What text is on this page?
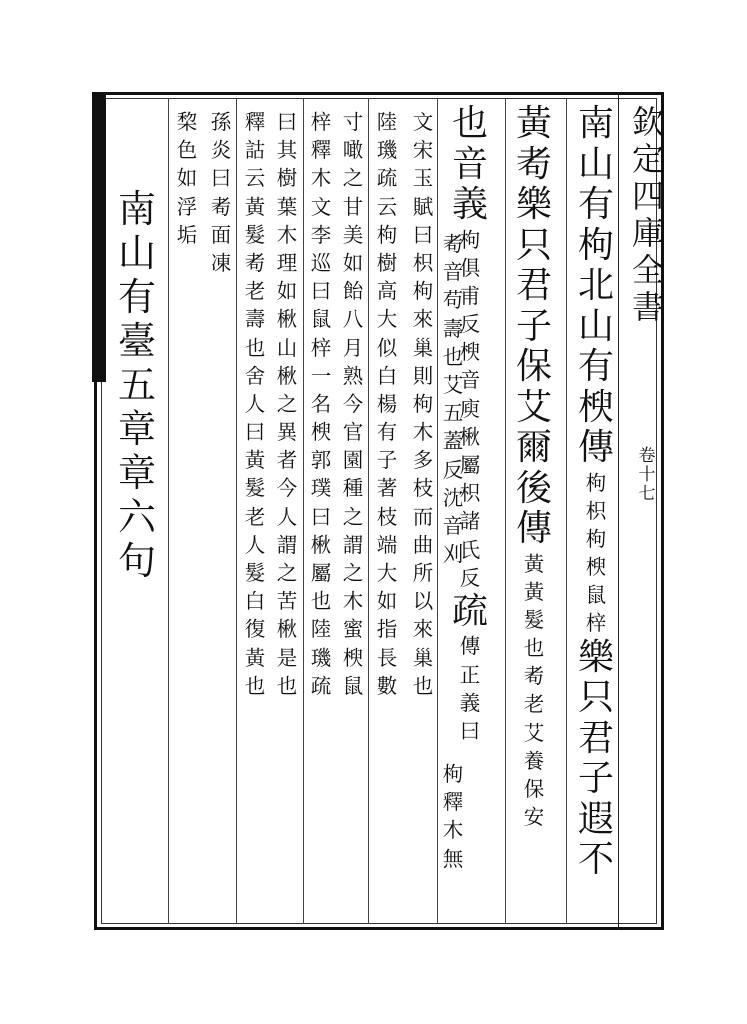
欽
定
四
庫
全
書
卷
十
七
南
山
有
枸
北
山
有
楰
傳
枸
枳
枸
楰
鼠
梓
樂
只
君
子
遐
不
黃
耇
樂
只
君
子
保
艾
爾
後
傳
黃
黃
髮
也
耇
老
艾
養
保
安
也
音
義
枸
俱
甫
反
楰
音
庾
楸
屬
枳
諸
氏
反
疏
傳
正
義
曰
耇
音
苟
壽
也
艾
五
蓋
反
沈
音
刈
枸
釋
木
無
文
宋
玉
賦
曰
枳
枸
來
巢
則
枸
木
多
枝
而
曲
所
以
來
巢
也
陸
璣
疏
云
枸
樹
高
大
似
白
楊
有
子
著
枝
端
大
如
指
長
數
寸
噉
之
甘
美
如
飴
八
月
熟
今
官
園
種
之
謂
之
木
蜜
楰
鼠
梓
釋
木
文
李
巡
曰
鼠
梓
一
名
楰
郭
璞
曰
楸
屬
也
陸
璣
疏
曰
其
樹
葉
木
理
如
楸
山
楸
之
異
者
今
人
謂
之
苦
楸
是
也
釋
詁
云
黃
髮
耇
老
壽
也
舍
人
曰
黃
髮
老
人
髮
白
復
黃
也
孫
炎
曰
耇
面
凍
棃
色
如
浮
垢
南
山
有
臺
五
章
章
六
句
